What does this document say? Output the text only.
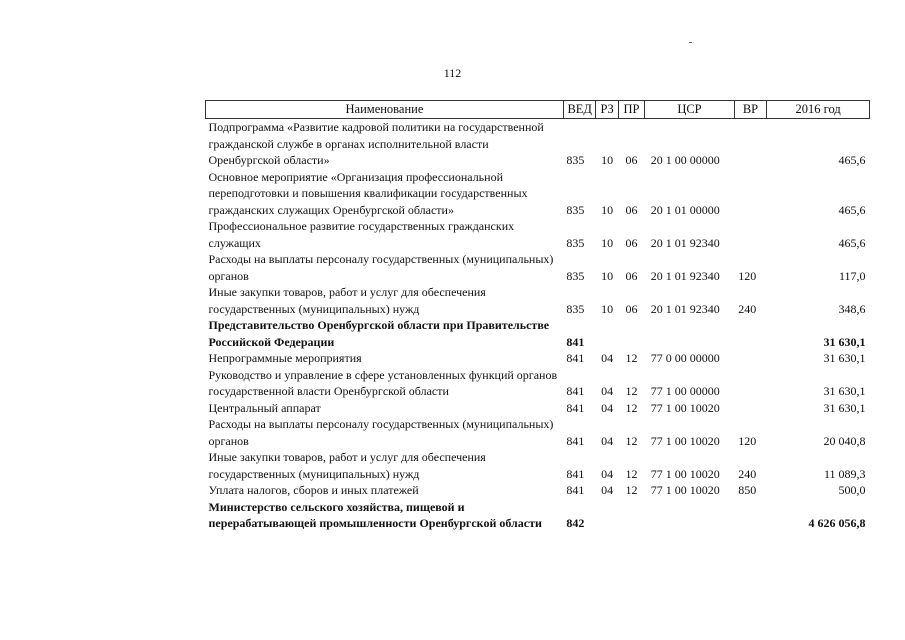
112
Наименование	ВЕД	РЗ	ПР	ЦСР	ВР	2016 год
Подпрограмма «Развитие кадровой политики на государственной гражданской службе в органах исполнительной власти Оренбургской области»	835	10	06	20 1 00 00000		465,6
Основное мероприятие «Организация профессиональной переподготовки и повышения квалификации государственных гражданских служащих Оренбургской области»	835	10	06	20 1 01 00000		465,6
Профессиональное развитие государственных гражданских служащих	835	10	06	20 1 01 92340		465,6
Расходы на выплаты персоналу государственных (муниципальных) органов	835	10	06	20 1 01 92340	120	117,0
Иные закупки товаров, работ и услуг для обеспечения государственных (муниципальных) нужд	835	10	06	20 1 01 92340	240	348,6
Представительство Оренбургской области при Правительстве Российской Федерации	841					31 630,1
Непрограммные мероприятия	841	04	12	77 0 00 00000		31 630,1
Руководство и управление в сфере установленных функций органов государственной власти Оренбургской области	841	04	12	77 1 00 00000		31 630,1
Центральный аппарат	841	04	12	77 1 00 10020		31 630,1
Расходы на выплаты персоналу государственных (муниципальных) органов	841	04	12	77 1 00 10020	120	20 040,8
Иные закупки товаров, работ и услуг для обеспечения государственных (муниципальных) нужд	841	04	12	77 1 00 10020	240	11 089,3
Уплата налогов, сборов и иных платежей	841	04	12	77 1 00 10020	850	500,0
Министерство сельского хозяйства, пищевой и перерабатывающей промышленности Оренбургской области	842					4 626 056,8
